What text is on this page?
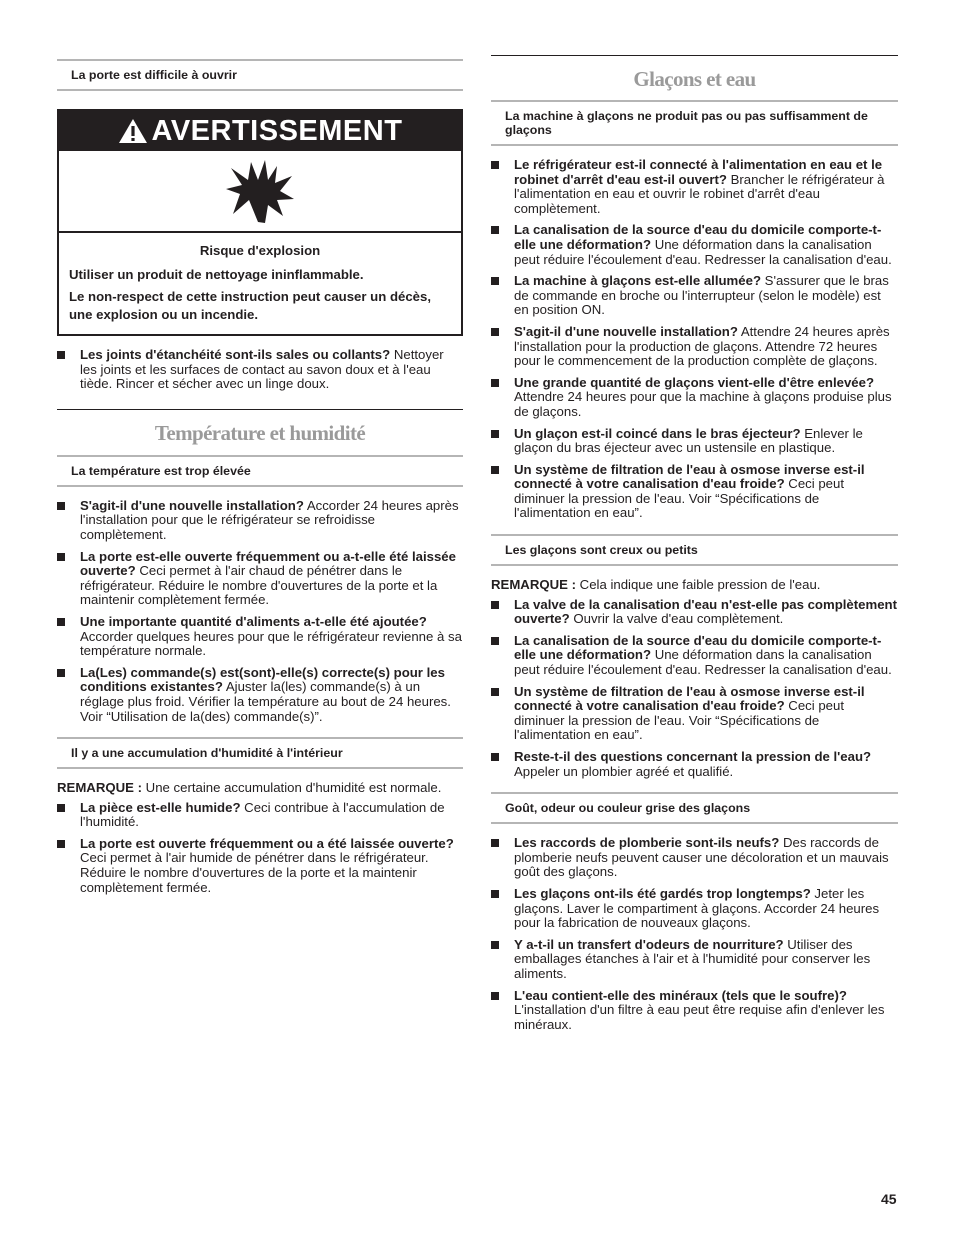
La porte est difficile à ouvrir
AVERTISSEMENT

Risque d'explosion

Utiliser un produit de nettoyage ininflammable.

Le non-respect de cette instruction peut causer un décès, une explosion ou un incendie.

Les joints d'étanchéité sont-ils sales ou collants? Nettoyer les joints et les surfaces de contact au savon doux et à l'eau tiède. Rincer et sécher avec un linge doux.
Température et humidité
La température est trop élevée
S'agit-il d'une nouvelle installation? Accorder 24 heures après l'installation pour que le réfrigérateur se refroidisse complètement.
La porte est-elle ouverte fréquemment ou a-t-elle été laissée ouverte? Ceci permet à l'air chaud de pénétrer dans le réfrigérateur. Réduire le nombre d'ouvertures de la porte et la maintenir complètement fermée.
Une importante quantité d'aliments a-t-elle été ajoutée? Accorder quelques heures pour que le réfrigérateur revienne à sa température normale.
La(Les) commande(s) est(sont)-elle(s) correcte(s) pour les conditions existantes? Ajuster la(les) commande(s) à un réglage plus froid. Vérifier la température au bout de 24 heures. Voir “Utilisation de la(des) commande(s)”.
Il y a une accumulation d'humidité à l'intérieur

REMARQUE : Une certaine accumulation d'humidité est normale.

La pièce est-elle humide? Ceci contribue à l'accumulation de l'humidité.
La porte est ouverte fréquemment ou a été laissée ouverte? Ceci permet à l'air humide de pénétrer dans le réfrigérateur. Réduire le nombre d'ouvertures de la porte et la maintenir complètement fermée.
Glaçons et eau
La machine à glaçons ne produit pas ou pas suffisamment de glaçons
Le réfrigérateur est-il connecté à l'alimentation en eau et le robinet d'arrêt d'eau est-il ouvert? Brancher le réfrigérateur à l'alimentation en eau et ouvrir le robinet d'arrêt d'eau complètement.
La canalisation de la source d'eau du domicile comporte-t-elle une déformation? Une déformation dans la canalisation peut réduire l'écoulement d'eau. Redresser la canalisation d'eau.
La machine à glaçons est-elle allumée? S'assurer que le bras de commande en broche ou l'interrupteur (selon le modèle) est en position ON.
S'agit-il d'une nouvelle installation? Attendre 24 heures après l'installation pour la production de glaçons. Attendre 72 heures pour le commencement de la production complète de glaçons.
Une grande quantité de glaçons vient-elle d'être enlevée? Attendre 24 heures pour que la machine à glaçons produise plus de glaçons.
Un glaçon est-il coincé dans le bras éjecteur? Enlever le glaçon du bras éjecteur avec un ustensile en plastique.
Un système de filtration de l'eau à osmose inverse est-il connecté à votre canalisation d'eau froide? Ceci peut diminuer la pression de l'eau. Voir “Spécifications de l'alimentation en eau”.
Les glaçons sont creux ou petits

REMARQUE : Cela indique une faible pression de l'eau.

La valve de la canalisation d'eau n'est-elle pas complètement ouverte? Ouvrir la valve d'eau complètement.
La canalisation de la source d'eau du domicile comporte-t-elle une déformation? Une déformation dans la canalisation peut réduire l'écoulement d'eau. Redresser la canalisation d'eau.
Un système de filtration de l'eau à osmose inverse est-il connecté à votre canalisation d'eau froide? Ceci peut diminuer la pression de l'eau. Voir “Spécifications de l'alimentation en eau”.
Reste-t-il des questions concernant la pression de l'eau? Appeler un plombier agréé et qualifié.
Goût, odeur ou couleur grise des glaçons
Les raccords de plomberie sont-ils neufs? Des raccords de plomberie neufs peuvent causer une décoloration et un mauvais goût des glaçons.
Les glaçons ont-ils été gardés trop longtemps? Jeter les glaçons. Laver le compartiment à glaçons. Accorder 24 heures pour la fabrication de nouveaux glaçons.
Y a-t-il un transfert d'odeurs de nourriture? Utiliser des emballages étanches à l'air et à l'humidité pour conserver les aliments.
L'eau contient-elle des minéraux (tels que le soufre)? L'installation d'un filtre à eau peut être requise afin d'enlever les minéraux.
45
